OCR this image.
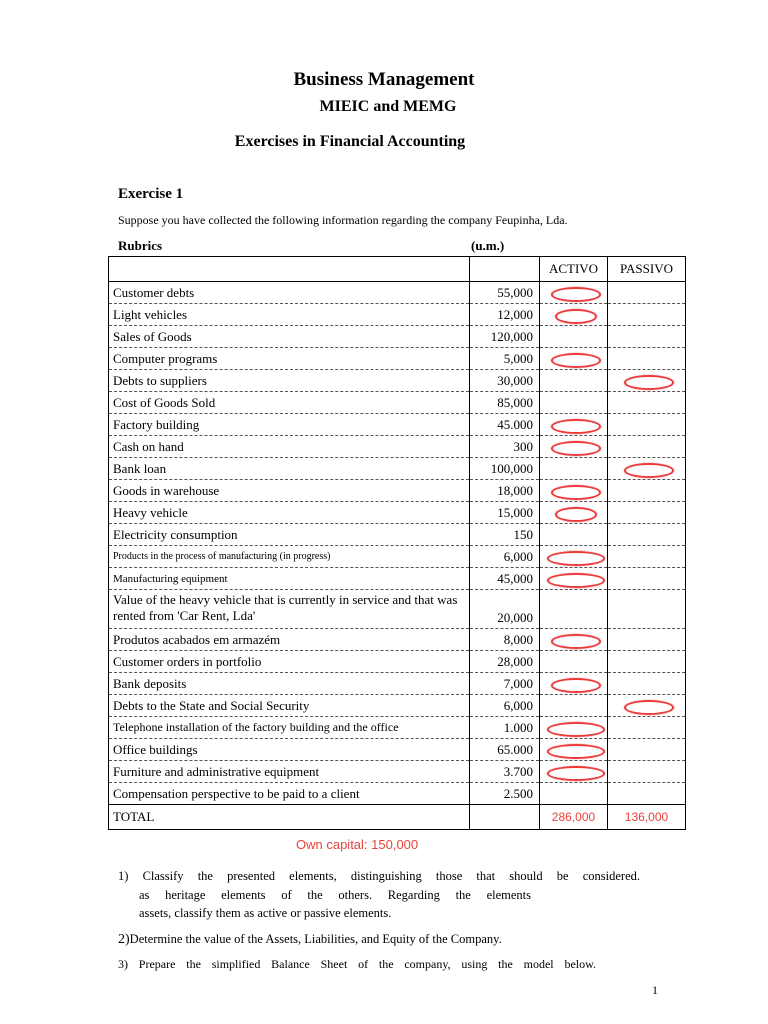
Business Management
MIEIC and MEMG
Exercises in Financial Accounting
Exercise 1
Suppose you have collected the following information regarding the company Feupinha, Lda.
Rubrics	(u.m.)
		ACTIVO	PASSIVO
Customer debts	55,000	

Light vehicles	12,000	

Sales of Goods	120,000		
Computer programs	5,000	

Debts to suppliers	30,000		

Cost of Goods Sold	85,000		
Factory building	45.000	

Cash on hand	300	

Bank loan	100,000		

Goods in warehouse	18,000	

Heavy vehicle	15,000	

Electricity consumption	150		
Products in the process of manufacturing (in progress)	6,000	

Manufacturing equipment	45,000	

Value of the heavy vehicle that is currently in service and that was rented from 'Car Rent, Lda'	20,000		
Produtos acabados em armazém	8,000	

Customer orders in portfolio	28,000		
Bank deposits	7,000	

Debts to the State and Social Security	6,000		

Telephone installation of the factory building and the office	1.000	

Office buildings	65.000	

Furniture and administrative equipment	3.700	

Compensation perspective to be paid to a client	2.500		
TOTAL		286,000	136,000
Own capital: 150,000
1) Classify the presented elements, distinguishing those that should be considered.
as heritage elements of the others. Regarding the elements
assets, classify them as active or passive elements.
2)Determine the value of the Assets, Liabilities, and Equity of the Company.
3) Prepare the simplified Balance Sheet of the company, using the model below.
1
